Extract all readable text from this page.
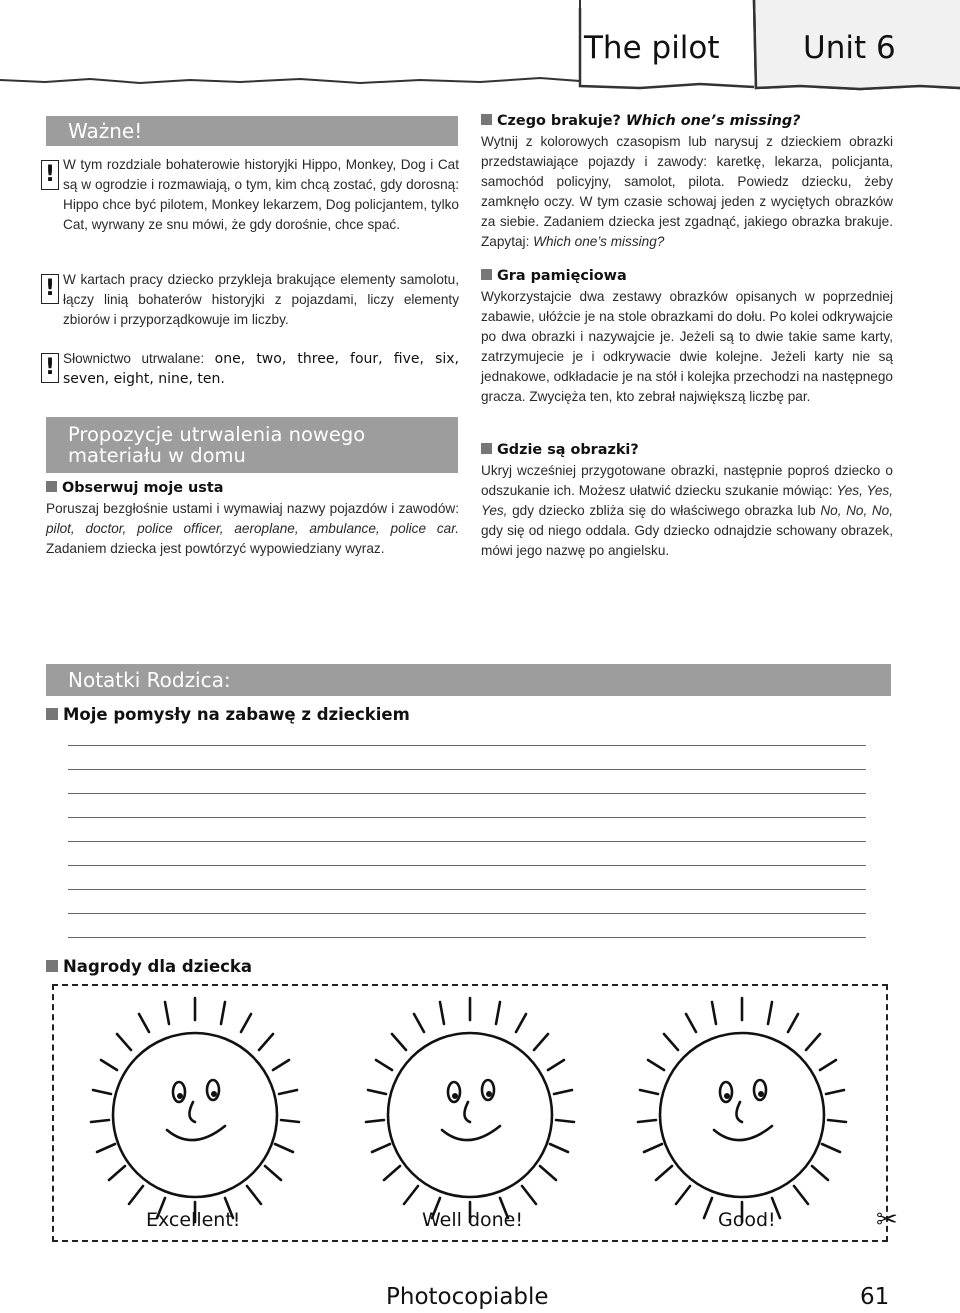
The pilot	Unit 6
Ważne!
! W tym rozdziale bohaterowie historyjki Hippo, Monkey, Dog i Cat są w ogrodzie i rozmawiają, o tym, kim chcą zostać, gdy dorosną: Hippo chce być pilotem, Monkey lekarzem, Dog policjantem, tylko Cat, wyrwany ze snu mówi, że gdy dorośnie, chce spać.
! W kartach pracy dziecko przykleja brakujące elementy samolotu, łączy linią bohaterów historyjki z pojazdami, liczy elementy zbiorów i przyporządkowuje im liczby.
! Słownictwo utrwalane: one, two, three, four, five, six, seven, eight, nine, ten.
Propozycje utrwalenia nowego materiału w domu
Obserwuj moje usta
Poruszaj bezgłośnie ustami i wymawiaj nazwy pojazdów i zawodów: pilot, doctor, police officer, aeroplane, ambulance, police car. Zadaniem dziecka jest powtórzyć wypowiedziany wyraz.
Czego brakuje? Which one’s missing?
Wytnij z kolorowych czasopism lub narysuj z dzieckiem obrazki przedstawiające pojazdy i zawody: karetkę, lekarza, policjanta, samochód policyjny, samolot, pilota. Powiedz dziecku, żeby zamknęło oczy. W tym czasie schowaj jeden z wyciętych obrazków za siebie. Zadaniem dziecka jest zgadnąć, jakiego obrazka brakuje. Zapytaj: Which one’s missing?
Gra pamięciowa
Wykorzystajcie dwa zestawy obrazków opisanych w poprzedniej zabawie, ułóżcie je na stole obrazkami do dołu. Po kolei odkrywajcie po dwa obrazki i nazywajcie je. Jeżeli są to dwie takie same karty, zatrzymujecie je i odkrywacie dwie kolejne. Jeżeli karty nie są jednakowe, odkładacie je na stół i kolejka przechodzi na następnego gracza. Zwycięża ten, kto zebrał największą liczbę par.
Gdzie są obrazki?
Ukryj wcześniej przygotowane obrazki, następnie poproś dziecko o odszukanie ich. Możesz ułatwić dziecku szukanie mówiąc: Yes, Yes, Yes, gdy dziecko zbliża się do właściwego obrazka lub No, No, No, gdy się od niego oddala. Gdy dziecko odnajdzie schowany obrazek, mówi jego nazwę po angielsku.
Notatki Rodzica:
Moje pomysły na zabawę z dzieckiem
Nagrody dla dziecka
Excellent!	Well done!	Good!	✂
Photocopiable	61
